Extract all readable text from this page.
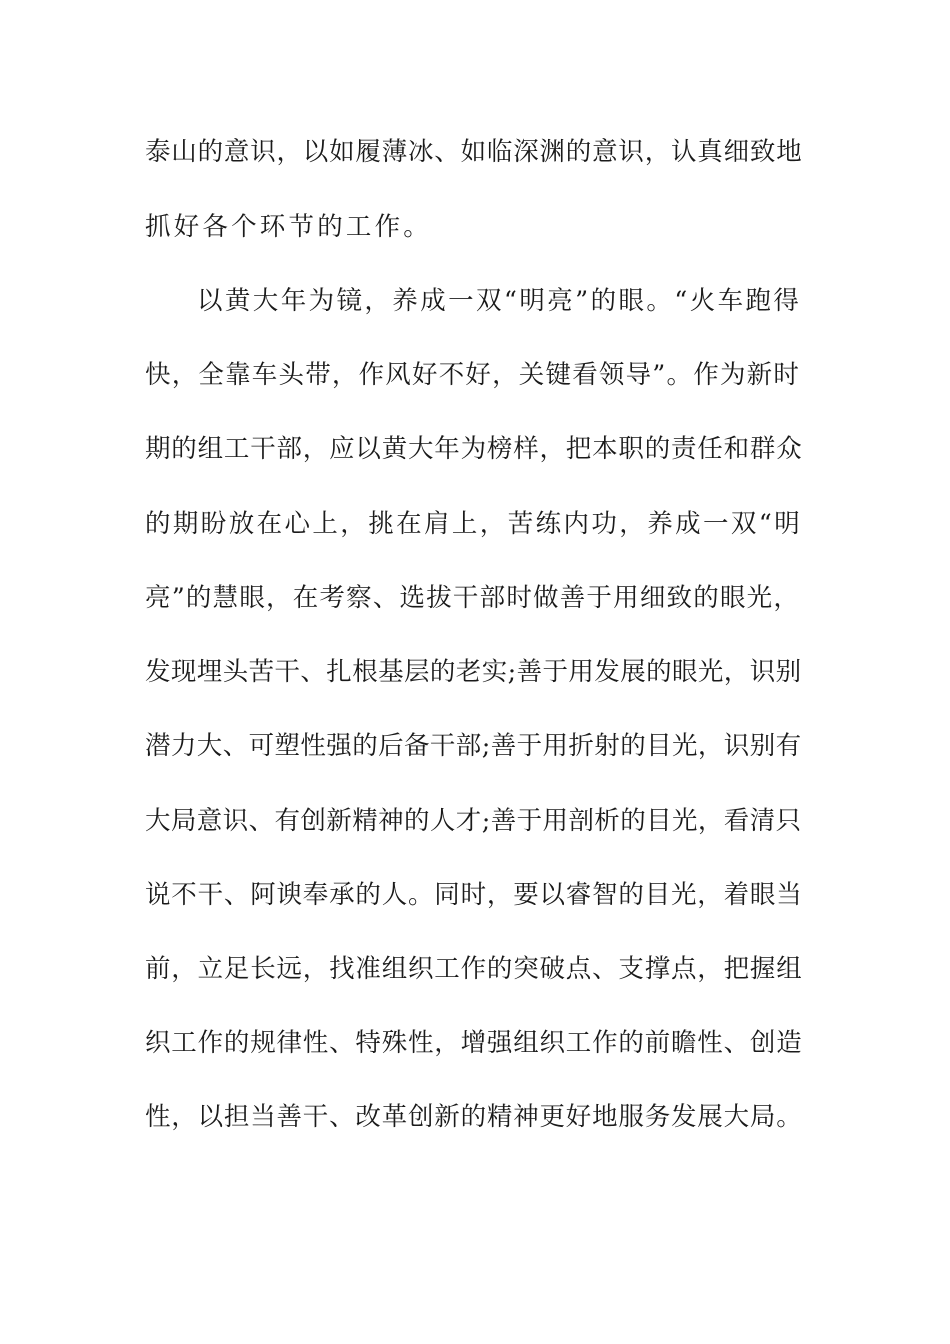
泰山的意识，以如履薄冰、如临深渊的意识，认真细致地
抓好各个环节的工作。
以黄大年为镜，养成一双“明亮”的眼。“火车跑得
快，全靠车头带，作风好不好，关键看领导”。作为新时
期的组工干部，应以黄大年为榜样，把本职的责任和群众
的期盼放在心上，挑在肩上，苦练内功，养成一双“明
亮”的慧眼，在考察、选拔干部时做善于用细致的眼光，
发现埋头苦干、扎根基层的老实;善于用发展的眼光，识别
潜力大、可塑性强的后备干部;善于用折射的目光，识别有
大局意识、有创新精神的人才;善于用剖析的目光，看清只
说不干、阿谀奉承的人。同时，要以睿智的目光，着眼当
前，立足长远，找准组织工作的突破点、支撑点，把握组
织工作的规律性、特殊性，增强组织工作的前瞻性、创造
性，以担当善干、改革创新的精神更好地服务发展大局。
